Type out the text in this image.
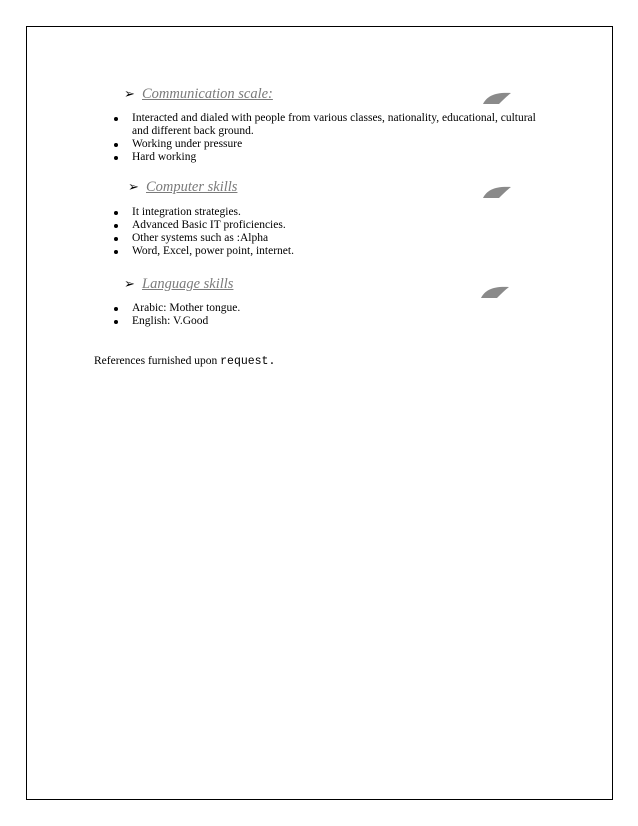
➢ Communication scale:
Interacted and dialed with people from various classes, nationality, educational, cultural and different back ground.
Working under pressure
Hard working
➢ Computer skills
It integration strategies.
Advanced Basic IT proficiencies.
Other systems such as :Alpha
Word, Excel, power point, internet.
➢ Language skills
Arabic: Mother tongue.
English: V.Good
References furnished upon request.
